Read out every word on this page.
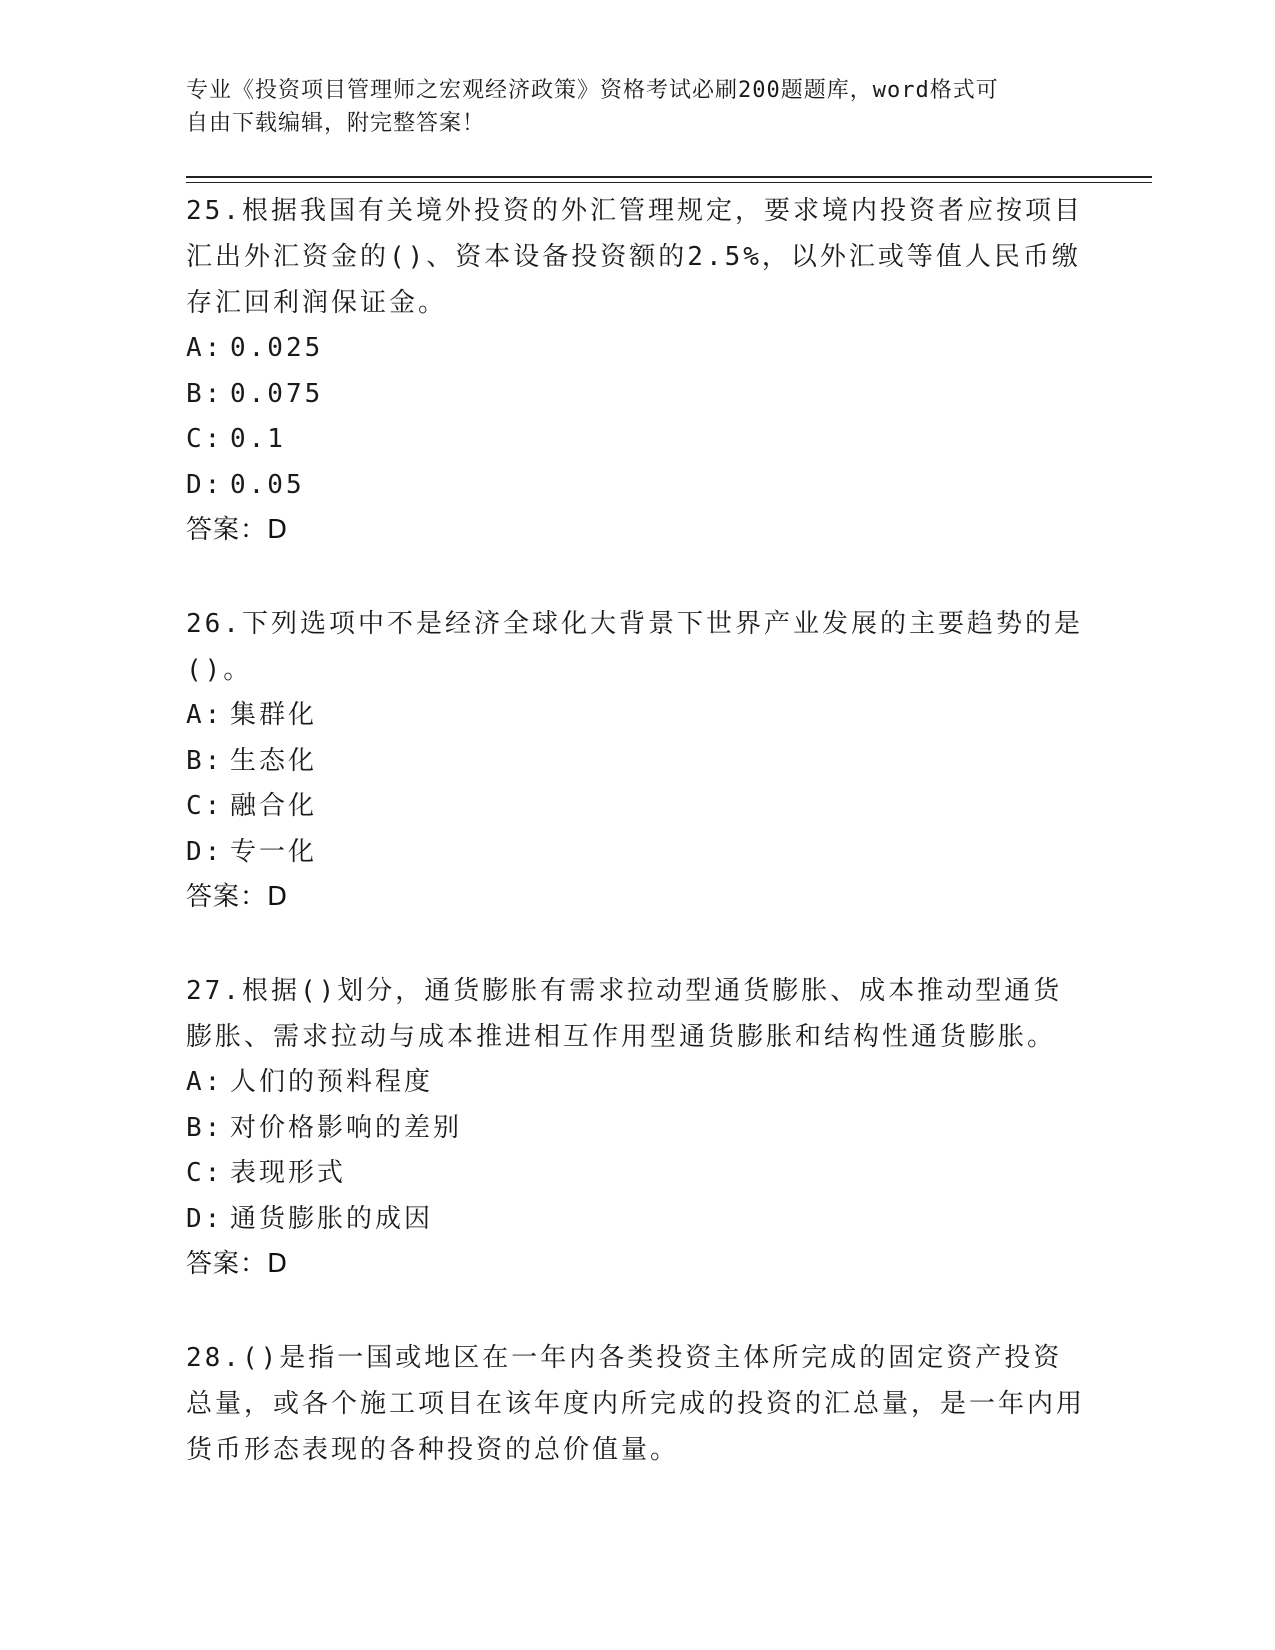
专业《投资项目管理师之宏观经济政策》资格考试必刷200题题库，word格式可
自由下载编辑，附完整答案！

25.根据我国有关境外投资的外汇管理规定，要求境内投资者应按项目汇出外汇资金的()、资本设备投资额的2.5%，以外汇或等值人民币缴存汇回利润保证金。

A: 0.025
B: 0.075
C: 0.1
D: 0.05
答案：D

26.下列选项中不是经济全球化大背景下世界产业发展的主要趋势的是()。

A: 集群化
B: 生态化
C: 融合化
D: 专一化
答案：D

27.根据()划分，通货膨胀有需求拉动型通货膨胀、成本推动型通货膨胀、需求拉动与成本推进相互作用型通货膨胀和结构性通货膨胀。

A: 人们的预料程度
B: 对价格影响的差别
C: 表现形式
D: 通货膨胀的成因
答案：D

28.()是指一国或地区在一年内各类投资主体所完成的固定资产投资总量，或各个施工项目在该年度内所完成的投资的汇总量，是一年内用货币形态表现的各种投资的总价值量。
